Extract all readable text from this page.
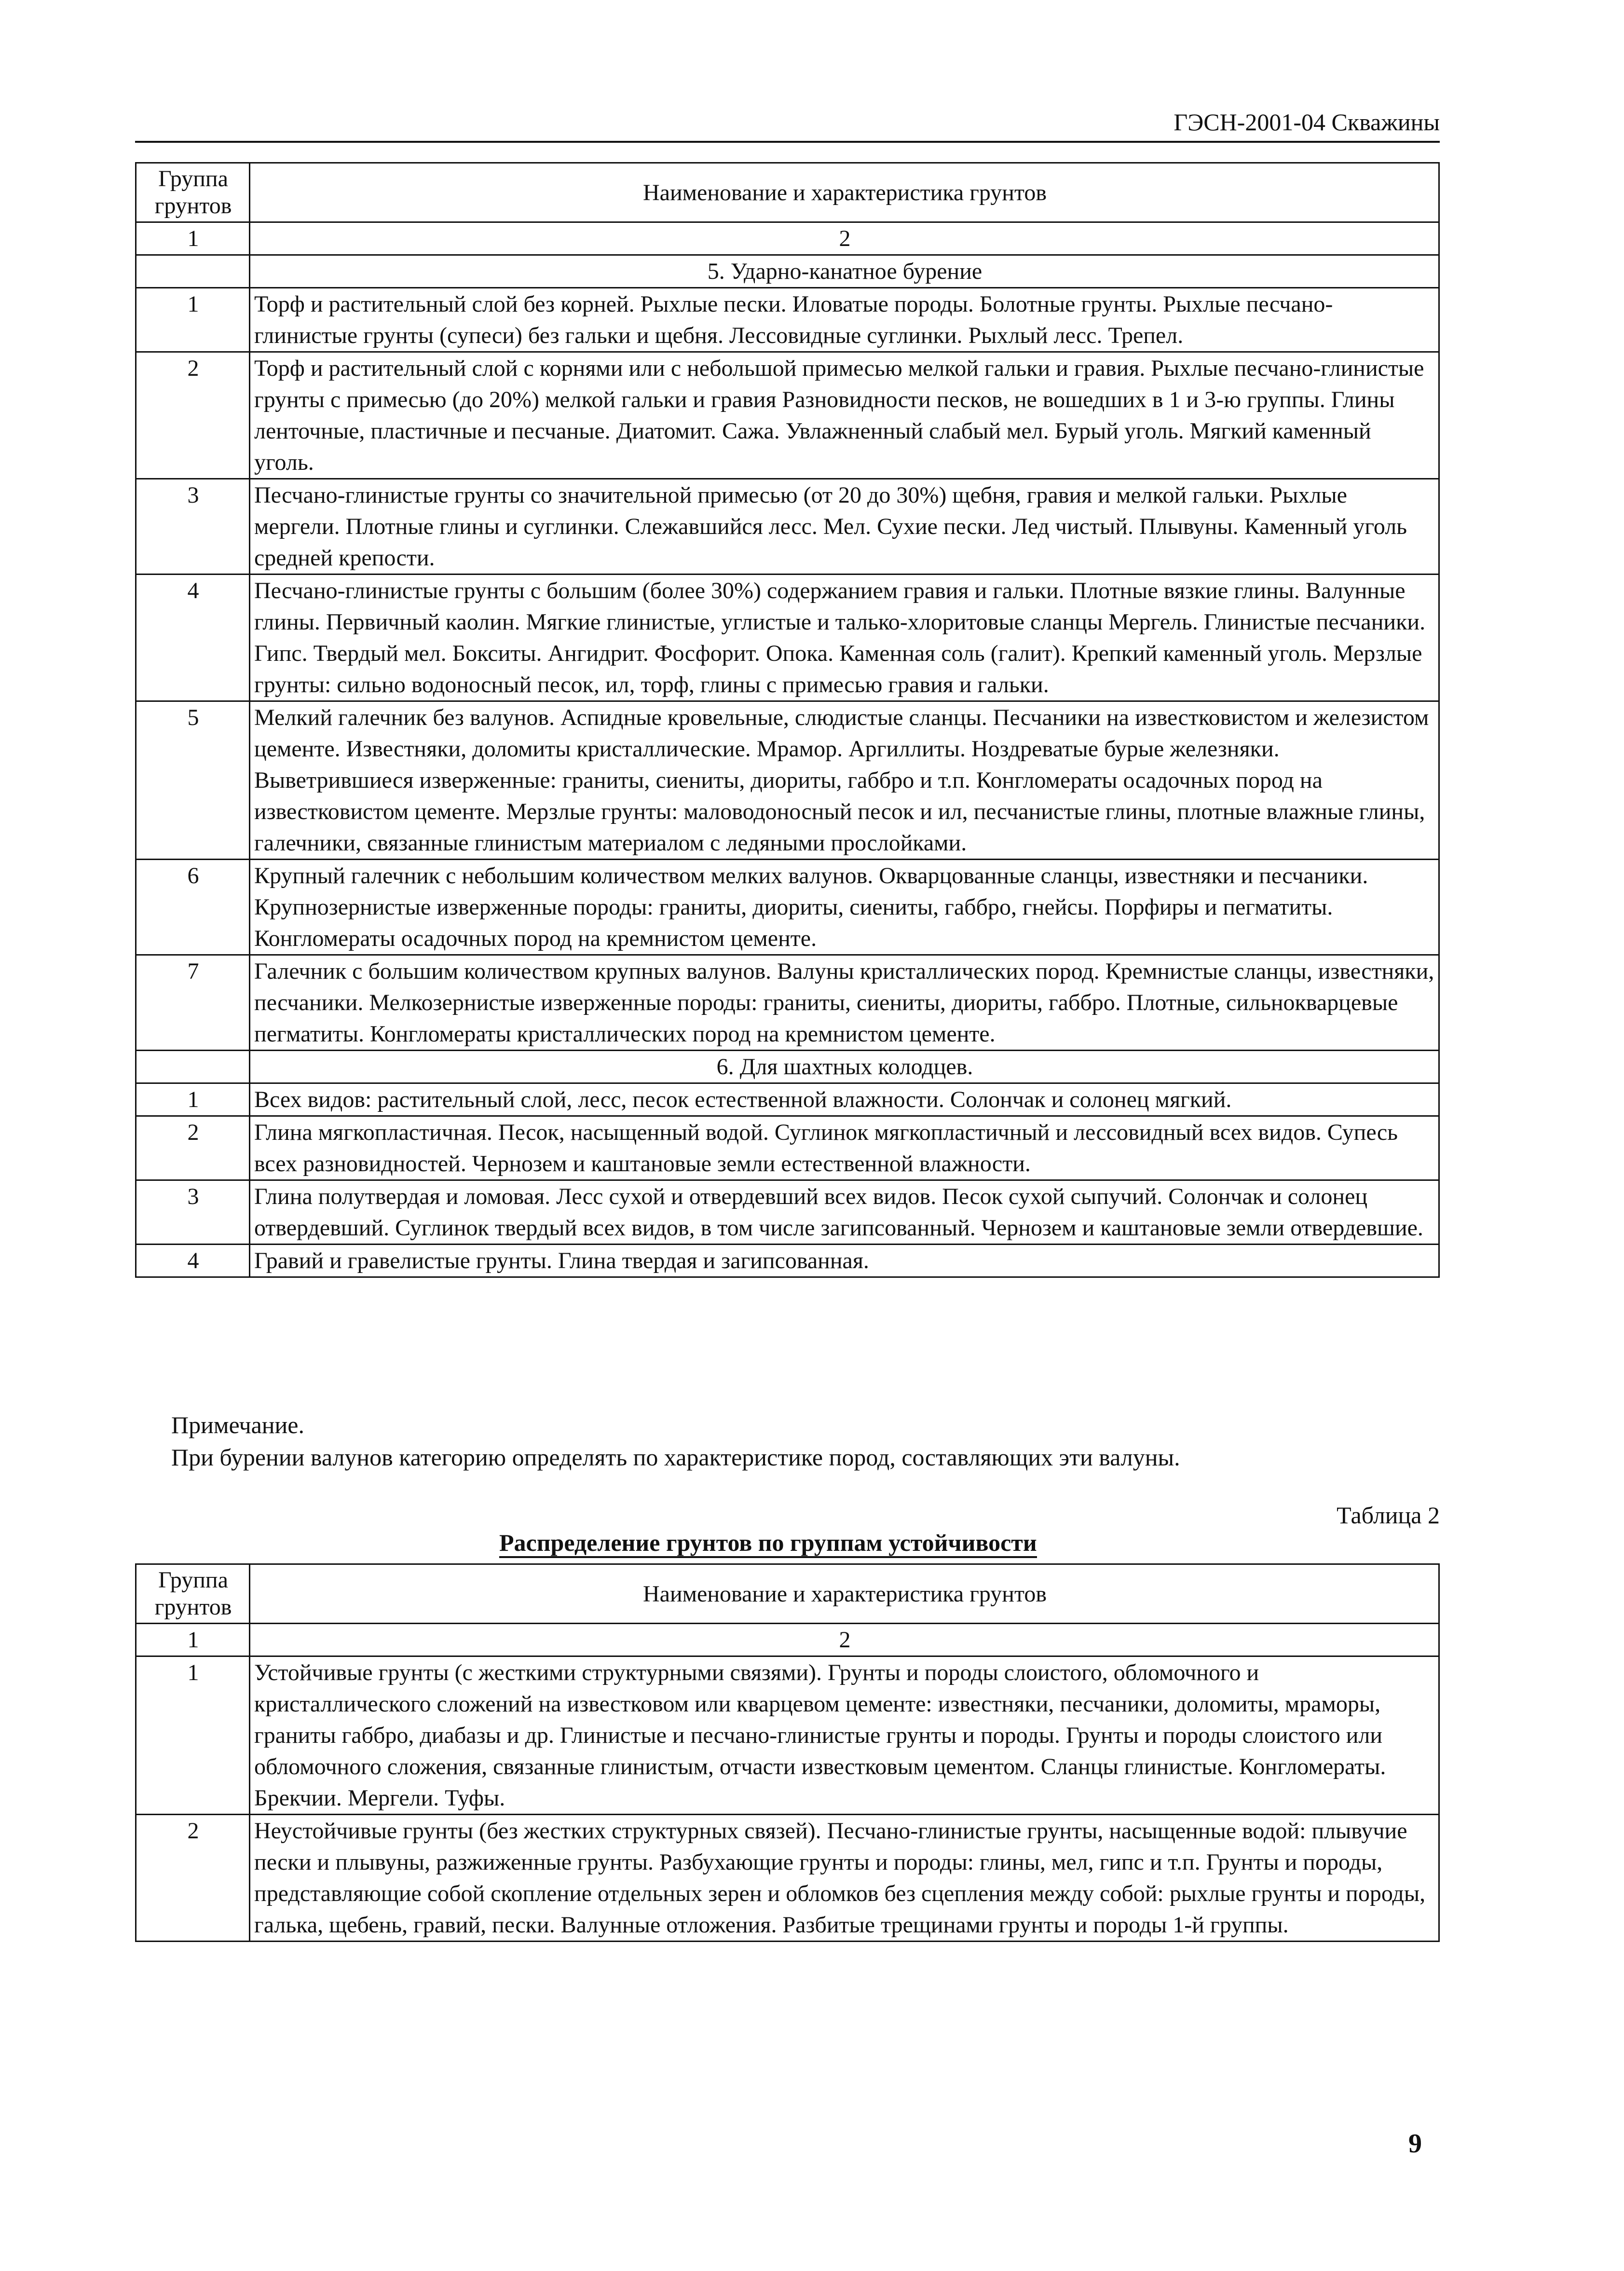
ГЭСН-2001-04 Скважины
Группа грунтов	Наименование и характеристика грунтов
1	2
	5. Ударно-канатное бурение
1	Торф и растительный слой без корней. Рыхлые пески. Иловатые породы. Болотные грунты. Рыхлые песчано-глинистые грунты (супеси) без гальки и щебня. Лессовидные суглинки. Рыхлый лесс. Трепел.
2	Торф и растительный слой с корнями или с небольшой примесью мелкой гальки и гравия. Рыхлые песчано-глинистые грунты с примесью (до 20%) мелкой гальки и гравия Разновидности песков, не вошедших в 1 и 3-ю группы. Глины ленточные, пластичные и песчаные. Диатомит. Сажа. Увлажненный слабый мел. Бурый уголь. Мягкий каменный уголь.
3	Песчано-глинистые грунты со значительной примесью (от 20 до 30%) щебня, гравия и мелкой гальки. Рыхлые мергели. Плотные глины и суглинки. Слежавшийся лесс. Мел. Сухие пески. Лед чистый. Плывуны. Каменный уголь средней крепости.
4	Песчано-глинистые грунты с большим (более 30%) содержанием гравия и гальки. Плотные вязкие глины. Валунные глины. Первичный каолин. Мягкие глинистые, углистые и талько-хлоритовые сланцы Мергель. Глинистые песчаники. Гипс. Твердый мел. Бокситы. Ангидрит. Фосфорит. Опока. Каменная соль (галит). Крепкий каменный уголь. Мерзлые грунты: сильно водоносный песок, ил, торф, глины с примесью гравия и гальки.
5	Мелкий галечник без валунов. Аспидные кровельные, слюдистые сланцы. Песчаники на известковистом и железистом цементе. Известняки, доломиты кристаллические. Мрамор. Аргиллиты. Ноздреватые бурые железняки. Выветрившиеся изверженные: граниты, сиениты, диориты, габбро и т.п. Конгломераты осадочных пород на известковистом цементе. Мерзлые грунты: маловодоносный песок и ил, песчанистые глины, плотные влажные глины, галечники, связанные глинистым материалом с ледяными прослойками.
6	Крупный галечник с небольшим количеством мелких валунов. Окварцованные сланцы, известняки и песчаники. Крупнозернистые изверженные породы: граниты, диориты, сиениты, габбро, гнейсы. Порфиры и пегматиты. Конгломераты осадочных пород на кремнистом цементе.
7	Галечник с большим количеством крупных валунов. Валуны кристаллических пород. Кремнистые сланцы, известняки, песчаники. Мелкозернистые изверженные породы: граниты, сиениты, диориты, габбро. Плотные, сильнокварцевые пегматиты. Конгломераты кристаллических пород на кремнистом цементе.
	6. Для шахтных колодцев.
1	Всех видов: растительный слой, лесс, песок естественной влажности. Солончак и солонец мягкий.
2	Глина мягкопластичная. Песок, насыщенный водой. Суглинок мягкопластичный и лессовидный всех видов. Супесь всех разновидностей. Чернозем и каштановые земли естественной влажности.
3	Глина полутвердая и ломовая. Лесс сухой и отвердевший всех видов. Песок сухой сыпучий. Солончак и солонец отвердевший. Суглинок твердый всех видов, в том числе загипсованный. Чернозем и каштановые земли отвердевшие.
4	Гравий и гравелистые грунты. Глина твердая и загипсованная.
Примечание.
При бурении валунов категорию определять по характеристике пород, составляющих эти валуны.
Таблица 2
Распределение грунтов по группам устойчивости
Группа грунтов	Наименование и характеристика грунтов
1	2
1	Устойчивые грунты (с жесткими структурными связями). Грунты и породы слоистого, обломочного и кристаллического сложений на известковом или кварцевом цементе: известняки, песчаники, доломиты, мраморы, граниты габбро, диабазы и др. Глинистые и песчано-глинистые грунты и породы. Грунты и породы слоистого или обломочного сложения, связанные глинистым, отчасти известковым цементом. Сланцы глинистые. Конгломераты. Брекчии. Мергели. Туфы.
2	Неустойчивые грунты (без жестких структурных связей). Песчано-глинистые грунты, насыщенные водой: плывучие пески и плывуны, разжиженные грунты. Разбухающие грунты и породы: глины, мел, гипс и т.п. Грунты и породы, представляющие собой скопление отдельных зерен и обломков без сцепления между собой: рыхлые грунты и породы, галька, щебень, гравий, пески. Валунные отложения. Разбитые трещинами грунты и породы 1-й группы.
9
